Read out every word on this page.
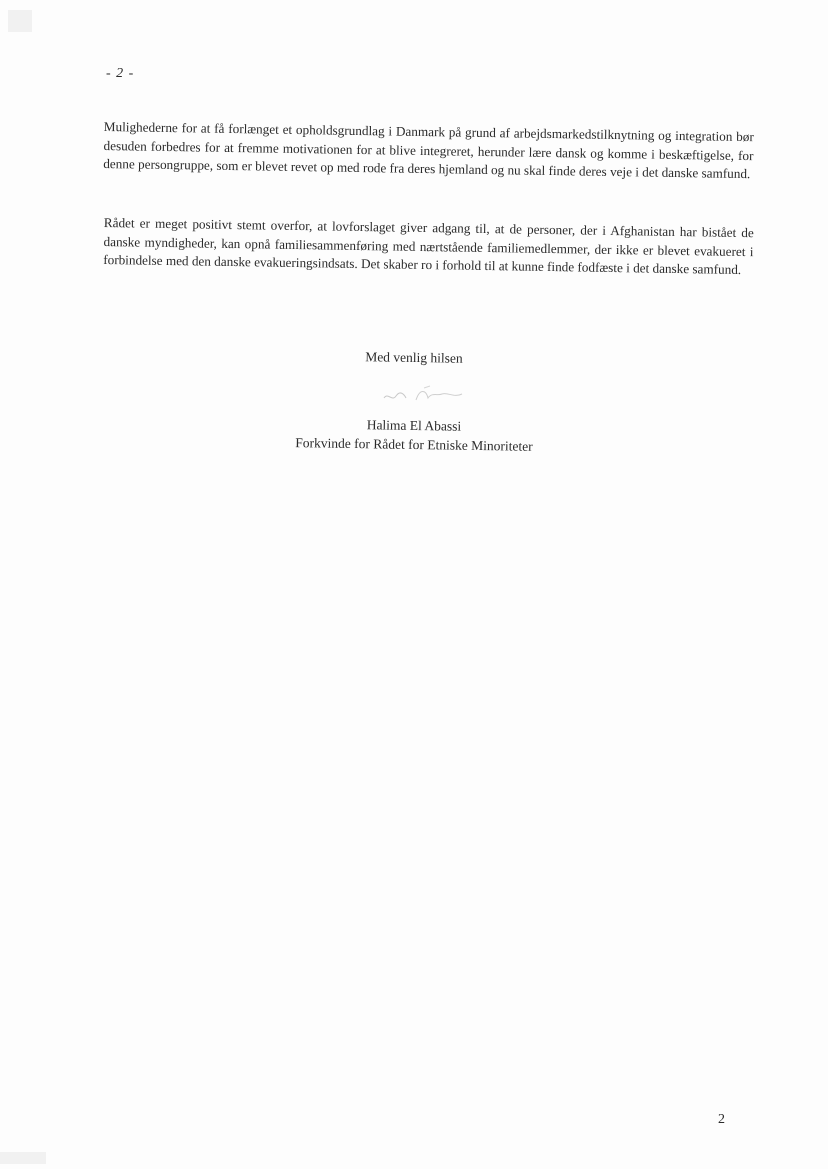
- 2 -
Mulighederne for at få forlænget et opholdsgrundlag i Danmark på grund af arbejdsmarkedstilknytning og integration bør desuden forbedres for at fremme motivationen for at blive integreret, herunder lære dansk og komme i beskæftigelse, for denne persongruppe, som er blevet revet op med rode fra deres hjemland og nu skal finde deres veje i det danske samfund.
Rådet er meget positivt stemt overfor, at lovforslaget giver adgang til, at de personer, der i Afghanistan har bistået de danske myndigheder, kan opnå familiesammenføring med nærtstående familiemedlemmer, der ikke er blevet evakueret i forbindelse med den danske evakueringsindsats. Det skaber ro i forhold til at kunne finde fodfæste i det danske samfund.
Med venlig hilsen
Halima El Abassi
Forkvinde for Rådet for Etniske Minoriteter
2
